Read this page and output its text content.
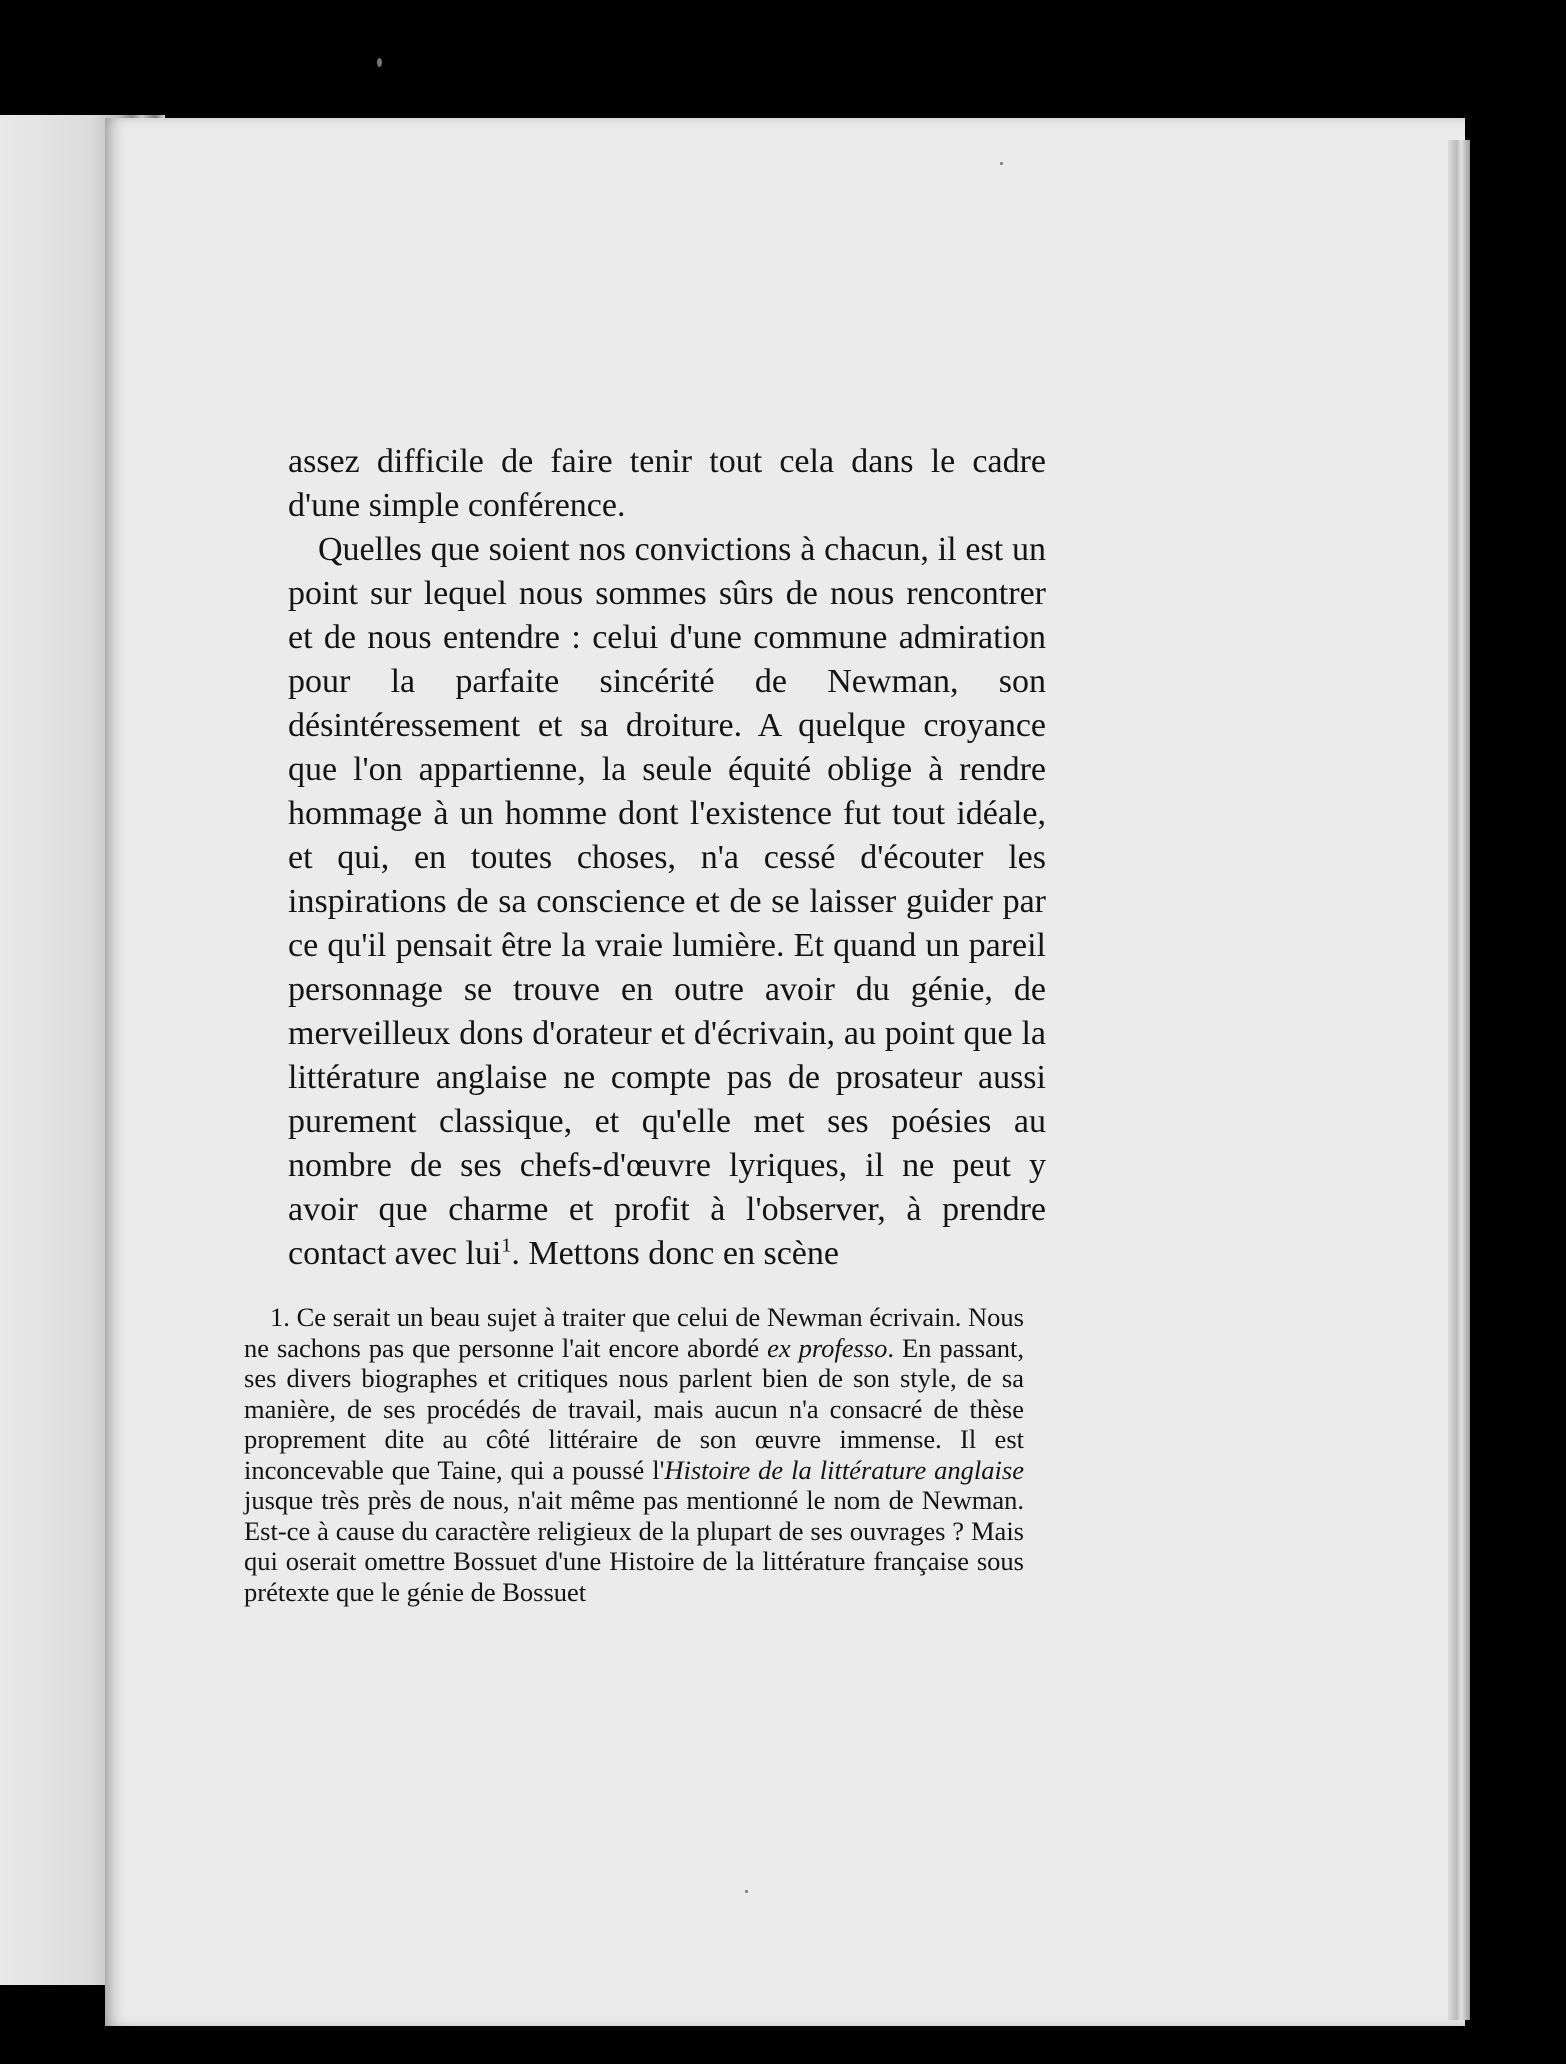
assez difficile de faire tenir tout cela dans le cadre d'une simple conférence.

Quelles que soient nos convictions à chacun, il est un point sur lequel nous sommes sûrs de nous rencontrer et de nous entendre : celui d'une commune admiration pour la parfaite sincérité de Newman, son désintéressement et sa droiture. A quelque croyance que l'on appartienne, la seule équité oblige à rendre hommage à un homme dont l'existence fut tout idéale, et qui, en toutes choses, n'a cessé d'écouter les inspirations de sa conscience et de se laisser guider par ce qu'il pensait être la vraie lumière. Et quand un pareil personnage se trouve en outre avoir du génie, de merveilleux dons d'orateur et d'écrivain, au point que la littérature anglaise ne compte pas de prosateur aussi purement classique, et qu'elle met ses poésies au nombre de ses chefs-d'œuvre lyriques, il ne peut y avoir que charme et profit à l'observer, à prendre contact avec lui$^1$. Mettons donc en scène

1. Ce serait un beau sujet à traiter que celui de Newman écrivain. Nous ne sachons pas que personne l'ait encore abordé ex professo. En passant, ses divers biographes et critiques nous parlent bien de son style, de sa manière, de ses procédés de travail, mais aucun n'a consacré de thèse proprement dite au côté littéraire de son œuvre immense. Il est inconcevable que Taine, qui a poussé l'Histoire de la littérature anglaise jusque très près de nous, n'ait même pas mentionné le nom de Newman. Est-ce à cause du caractère religieux de la plupart de ses ouvrages ? Mais qui oserait omettre Bossuet d'une Histoire de la littérature française sous prétexte que le génie de Bossuet
